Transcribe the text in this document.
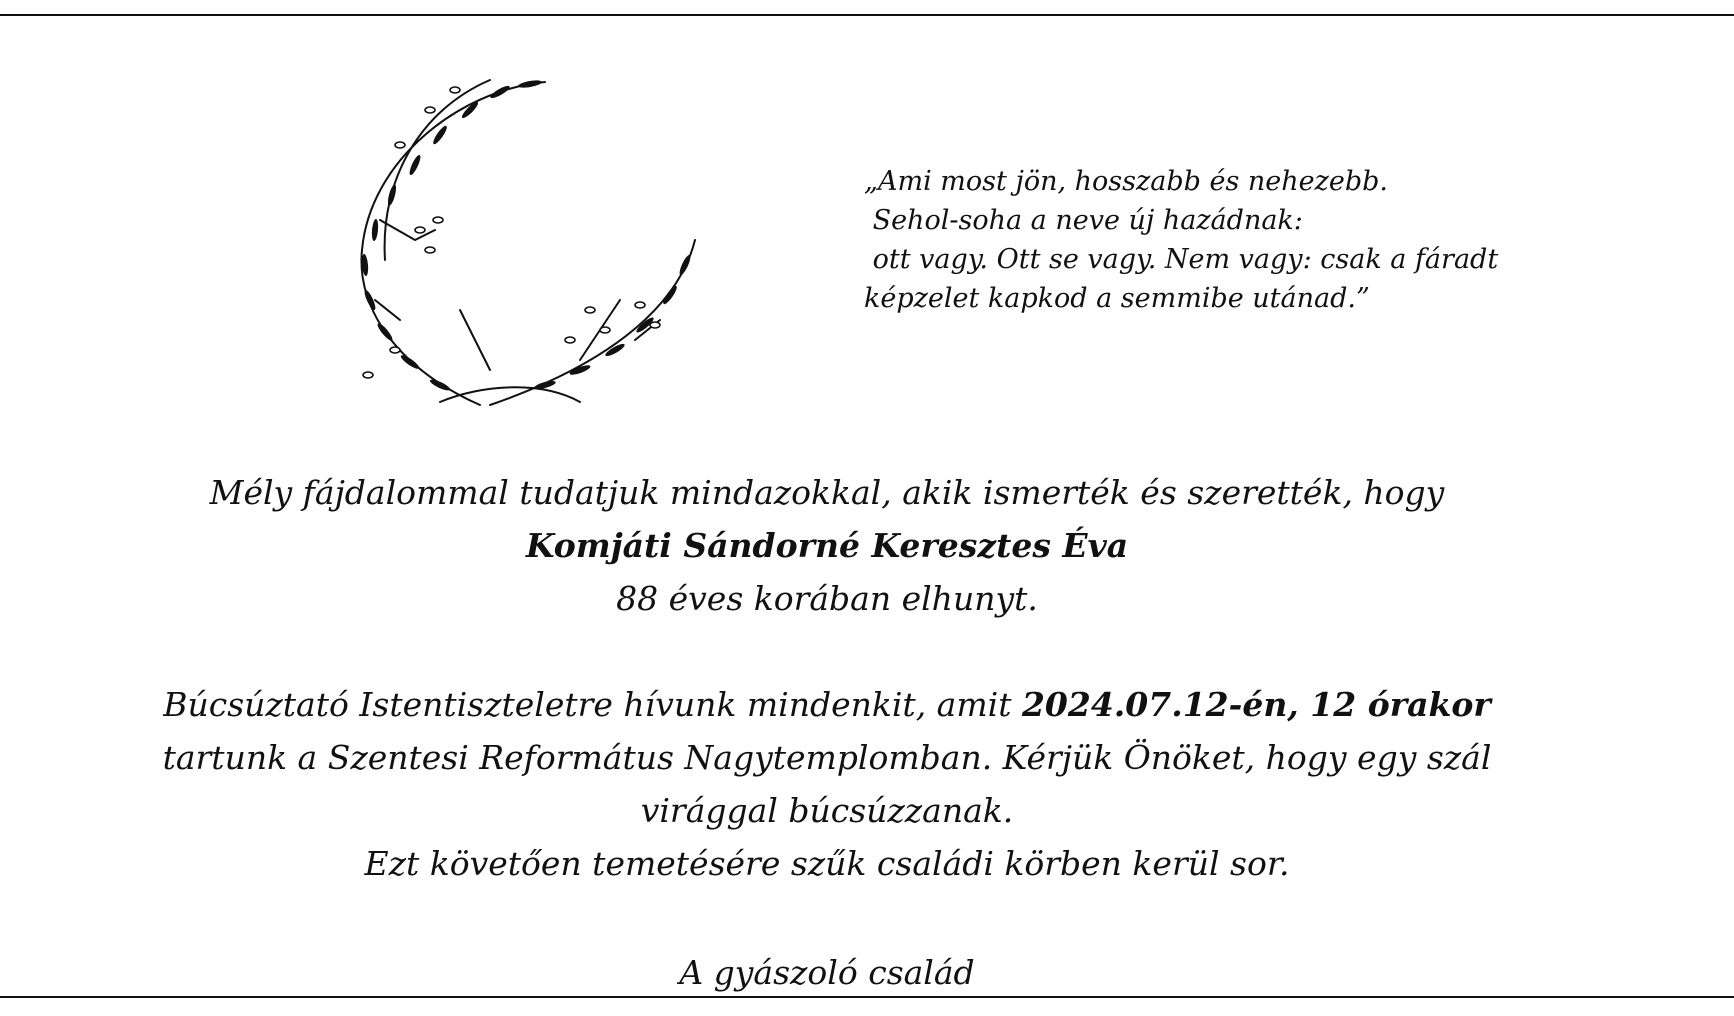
„Ami most jön, hosszabb és nehezebb.
Sehol-soha a neve új hazádnak:
ott vagy. Ott se vagy. Nem vagy: csak a fáradt
képzelet kapkod a semmibe utánad.”
Mély fájdalommal tudatjuk mindazokkal, akik ismerték és szerették, hogy
Komjáti Sándorné Keresztes Éva
88 éves korában elhunyt.
Búcsúztató Istentiszteletre hívunk mindenkit, amit 2024.07.12-én, 12 órakor
tartunk a Szentesi Református Nagytemplomban. Kérjük Önöket, hogy egy szál
virággal búcsúzzanak.
Ezt követően temetésére szűk családi körben kerül sor.
A gyászoló család
